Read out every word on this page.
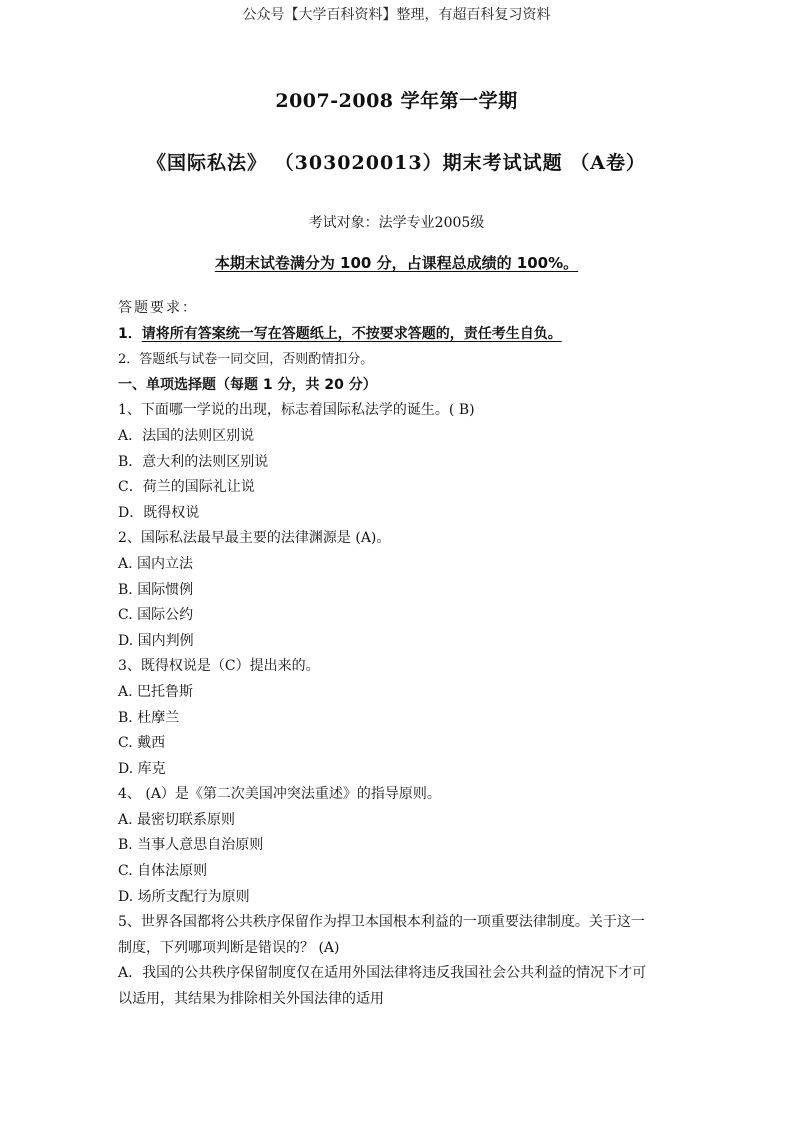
公众号【大学百科资料】整理，有超百科复习资料
2007-2008 学年第一学期
《国际私法》 （303020013）期末考试试题 （A卷）
考试对象：法学专业2005级
本期末试卷满分为 100 分，占课程总成绩的 100%。
答题要求：
1．请将所有答案统一写在答题纸上，不按要求答题的，责任考生自负。
2．答题纸与试卷一同交回，否则酌情扣分。
一、单项选择题（每题 1 分，共 20 分）
1、下面哪一学说的出现，标志着国际私法学的诞生。( B)
A．法国的法则区别说
B．意大利的法则区别说
C．荷兰的国际礼让说
D．既得权说
2、国际私法最早最主要的法律渊源是 (A)。
A. 国内立法
B. 国际惯例
C. 国际公约
D. 国内判例
3、既得权说是（C）提出来的。
A. 巴托鲁斯
B. 杜摩兰
C. 戴西
D. 库克
4、 (A）是《第二次美国冲突法重述》的指导原则。
A. 最密切联系原则
B. 当事人意思自治原则
C. 自体法原则
D. 场所支配行为原则
5、世界各国都将公共秩序保留作为捍卫本国根本利益的一项重要法律制度。关于这一
制度，下列哪项判断是错误的？ (A)
A．我国的公共秩序保留制度仅在适用外国法律将违反我国社会公共利益的情况下才可
以适用，其结果为排除相关外国法律的适用
